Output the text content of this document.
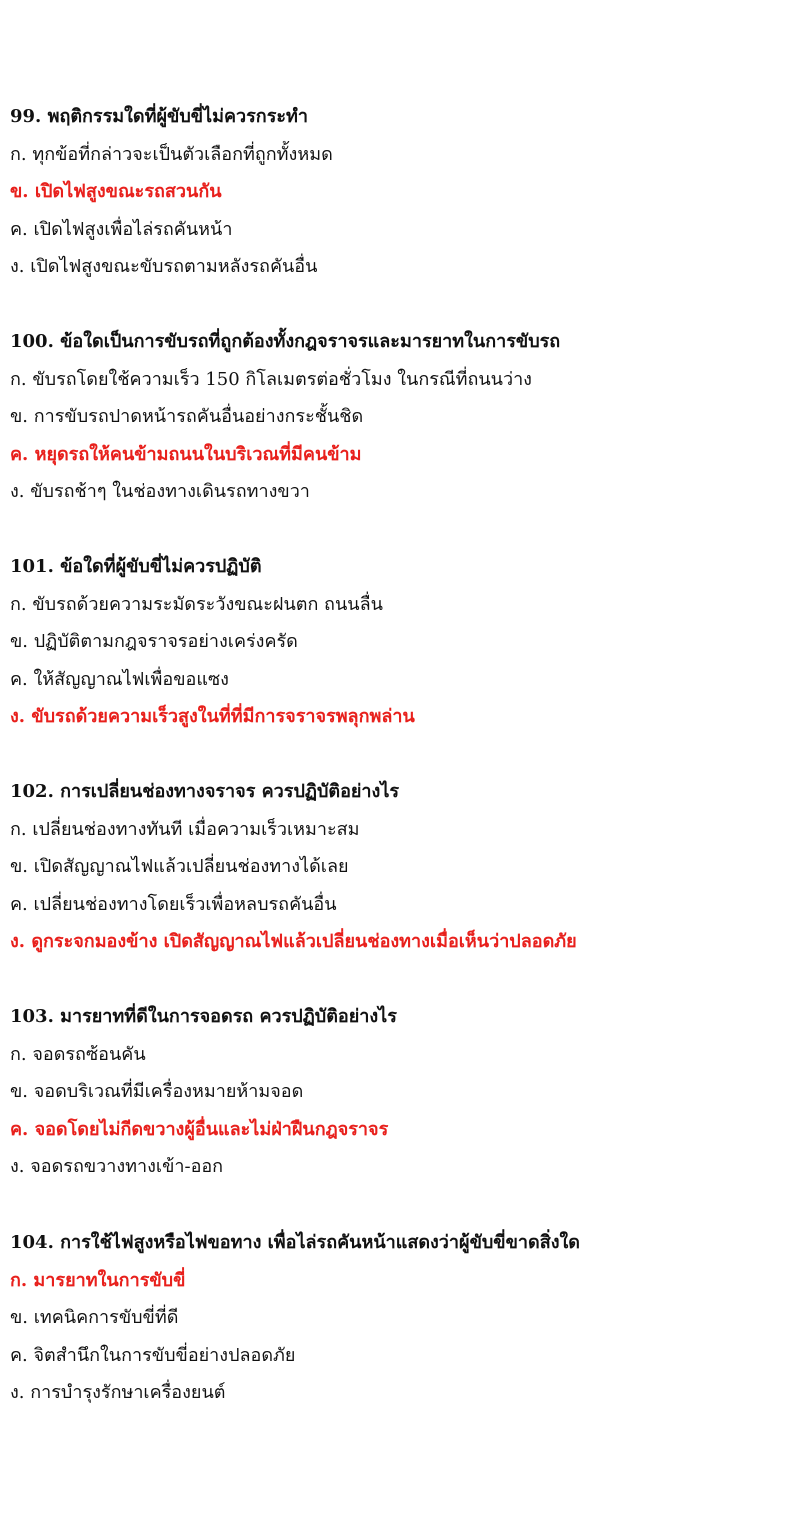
99. พฤติกรรมใดที่ผู้ขับขี่ไม่ควรกระทำ
ก. ทุกข้อที่กล่าวจะเป็นตัวเลือกที่ถูกทั้งหมด
ข. เปิดไฟสูงขณะรถสวนกัน
ค. เปิดไฟสูงเพื่อไล่รถคันหน้า
ง. เปิดไฟสูงขณะขับรถตามหลังรถคันอื่น
100. ข้อใดเป็นการขับรถที่ถูกต้องทั้งกฎจราจรและมารยาทในการขับรถ
ก. ขับรถโดยใช้ความเร็ว 150 กิโลเมตรต่อชั่วโมง ในกรณีที่ถนนว่าง
ข. การขับรถปาดหน้ารถคันอื่นอย่างกระชั้นชิด
ค. หยุดรถให้คนข้ามถนนในบริเวณที่มีคนข้าม
ง. ขับรถช้าๆ ในช่องทางเดินรถทางขวา
101. ข้อใดที่ผู้ขับขี่ไม่ควรปฏิบัติ
ก. ขับรถด้วยความระมัดระวังขณะฝนตก ถนนลื่น
ข. ปฏิบัติตามกฎจราจรอย่างเคร่งครัด
ค. ให้สัญญาณไฟเพื่อขอแซง
ง. ขับรถด้วยความเร็วสูงในที่ที่มีการจราจรพลุกพล่าน
102. การเปลี่ยนช่องทางจราจร ควรปฏิบัติอย่างไร
ก. เปลี่ยนช่องทางทันที เมื่อความเร็วเหมาะสม
ข. เปิดสัญญาณไฟแล้วเปลี่ยนช่องทางได้เลย
ค. เปลี่ยนช่องทางโดยเร็วเพื่อหลบรถคันอื่น
ง. ดูกระจกมองข้าง เปิดสัญญาณไฟแล้วเปลี่ยนช่องทางเมื่อเห็นว่าปลอดภัย
103. มารยาทที่ดีในการจอดรถ ควรปฏิบัติอย่างไร
ก. จอดรถซ้อนคัน
ข. จอดบริเวณที่มีเครื่องหมายห้ามจอด
ค. จอดโดยไม่กีดขวางผู้อื่นและไม่ฝ่าฝืนกฎจราจร
ง. จอดรถขวางทางเข้า-ออก
104. การใช้ไฟสูงหรือไฟขอทาง เพื่อไล่รถคันหน้าแสดงว่าผู้ขับขี่ขาดสิ่งใด
ก. มารยาทในการขับขี่
ข. เทคนิคการขับขี่ที่ดี
ค. จิตสำนึกในการขับขี่อย่างปลอดภัย
ง. การบำรุงรักษาเครื่องยนต์
